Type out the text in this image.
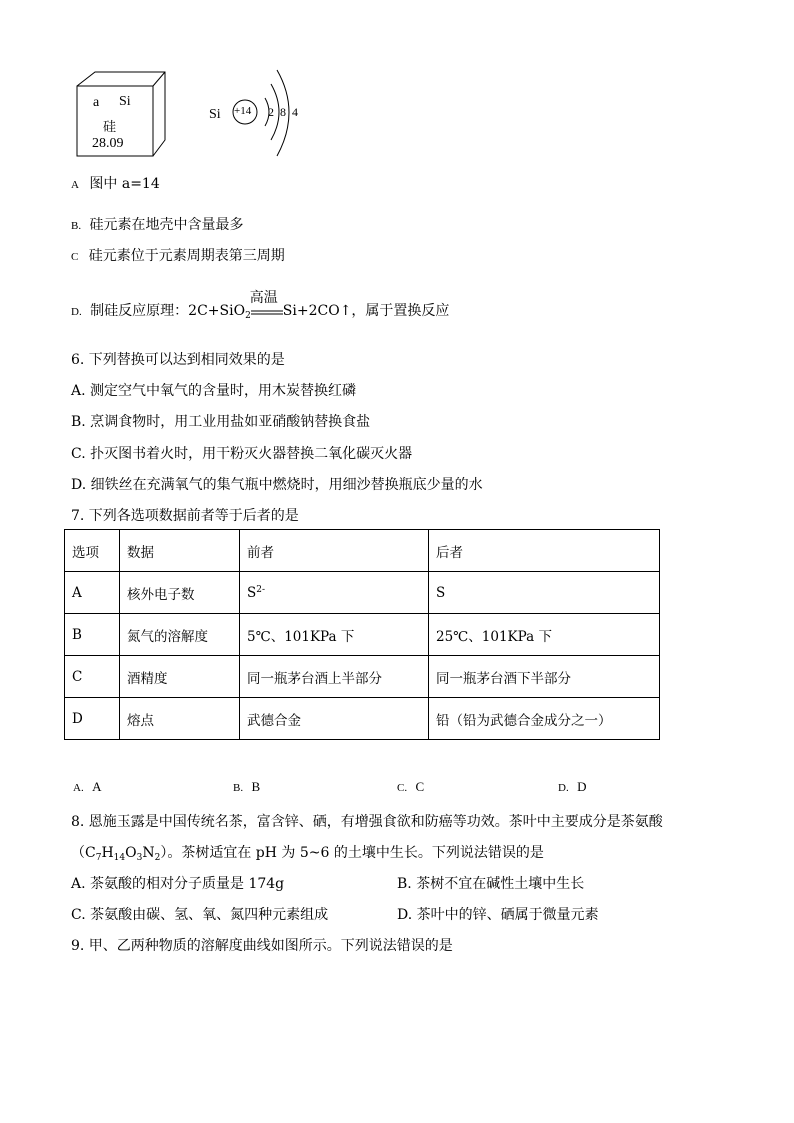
a Si
硅
28.09
Si +14 2 8 4
A 图中 a=14
B. 硅元素在地壳中含量最多
C 硅元素位于元素周期表第三周期
D. 制硅反应原理：2C+SiO$_2$
高温
Si+2CO↑，属于置换反应
6. 下列替换可以达到相同效果的是
A. 测定空气中氧气的含量时，用木炭替换红磷
B. 烹调食物时，用工业用盐如亚硝酸钠替换食盐
C. 扑灭图书着火时，用干粉灭火器替换二氧化碳灭火器
D. 细铁丝在充满氧气的集气瓶中燃烧时，用细沙替换瓶底少量的水
7. 下列各选项数据前者等于后者的是
选项	数据	前者	后者
A	核外电子数	$S^{2-}$	S
B	氮气的溶解度	5℃、101KPa 下	25℃、101KPa 下
C	酒精度	同一瓶茅台酒上半部分	同一瓶茅台酒下半部分
D	熔点	武德合金	铅（铅为武德合金成分之一）
A. A	B. B	C. C	D. D
8. 恩施玉露是中国传统名茶，富含锌、硒，有增强食欲和防癌等功效。茶叶中主要成分是茶氨酸
$(C_7H_{14}O_3N_2)$。茶树适宜在 pH 为 5~6 的土壤中生长。下列说法错误的是
A. 茶氨酸的相对分子质量是 174g	B. 茶树不宜在碱性土壤中生长
C. 茶氨酸由碳、氢、氧、氮四种元素组成	D. 茶叶中的锌、硒属于微量元素
9. 甲、乙两种物质的溶解度曲线如图所示。下列说法错误的是
